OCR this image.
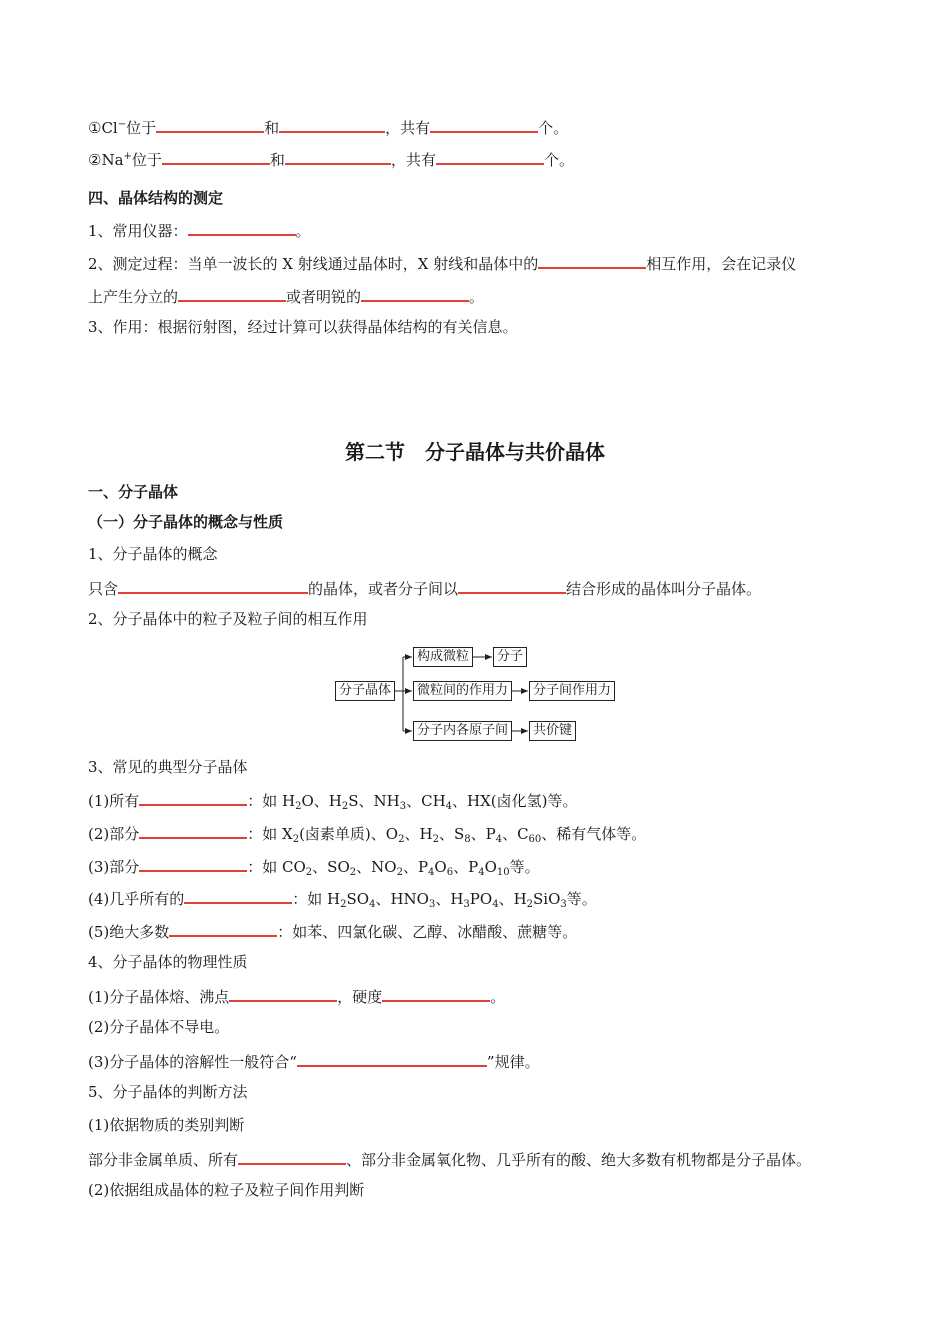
①Cl−位于	和	，共有	个。
②Na+位于	和	，共有	个。
四、晶体结构的测定
1、常用仪器：	。
2、测定过程：当单一波长的 X 射线通过晶体时，X 射线和晶体中的	相互作用，会在记录仪
上产生分立的	或者明锐的	。
3、作用：根据衍射图，经过计算可以获得晶体结构的有关信息。
第二节　分子晶体与共价晶体
一、分子晶体
（一）分子晶体的概念与性质
1、分子晶体的概念
只含	的晶体，或者分子间以	结合形成的晶体叫分子晶体。
2、分子晶体中的粒子及粒子间的相互作用
分子晶体
构成微粒	分子
微粒间的作用力	分子间作用力
分子内各原子间	共价键
3、常见的典型分子晶体
(1)所有	：如 $H_2O$、$H_2S$、$NH_3$、$CH_4$、HX(卤化氢)等。
(2)部分	：如 $X_2$(卤素单质)、$O_2$、$H_2$、$S_8$、$P_4$、$C_{60}$、稀有气体等。
(3)部分	：如 $CO_2$、$SO_2$、$NO_2$、$P_4O_6$、$P_4O_{10}$等。
(4)几乎所有的	：如 $H_2SO_4$、$HNO_3$、$H_3PO_4$、$H_2SiO_3$等。
(5)绝大多数	：如苯、四氯化碳、乙醇、冰醋酸、蔗糖等。
4、分子晶体的物理性质
(1)分子晶体熔、沸点	，硬度	。
(2)分子晶体不导电。
(3)分子晶体的溶解性一般符合“	”规律。
5、分子晶体的判断方法
(1)依据物质的类别判断
部分非金属单质、所有	、部分非金属氧化物、几乎所有的酸、绝大多数有机物都是分子晶体。
(2)依据组成晶体的粒子及粒子间作用判断
